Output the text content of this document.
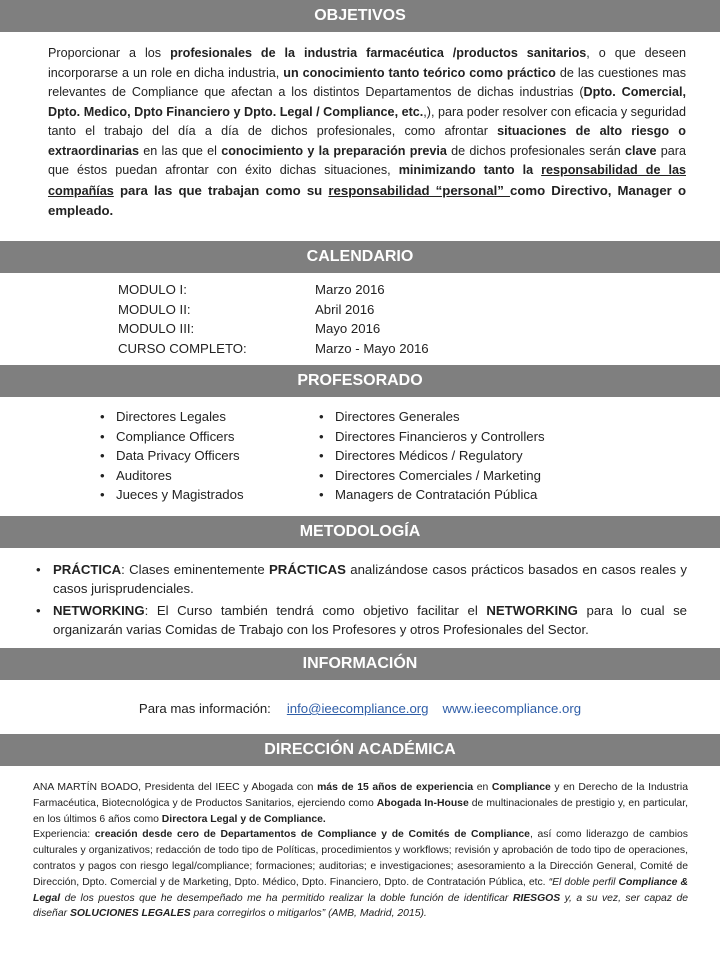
OBJETIVOS
Proporcionar a los profesionales de la industria farmacéutica /productos sanitarios, o que deseen incorporarse a un role en dicha industria, un conocimiento tanto teórico como práctico de las cuestiones mas relevantes de Compliance que afectan a los distintos Departamentos de dichas industrias (Dpto. Comercial, Dpto. Medico, Dpto Financiero y Dpto. Legal / Compliance, etc.,), para poder resolver con eficacia y seguridad tanto el trabajo del día a día de dichos profesionales, como afrontar situaciones de alto riesgo o extraordinarias en las que el conocimiento y la preparación previa de dichos profesionales serán clave para que éstos puedan afrontar con éxito dichas situaciones, minimizando tanto la responsabilidad de las compañías para las que trabajan como su responsabilidad “personal” como Directivo, Manager o empleado.
CALENDARIO
MODULO I:	Marzo 2016
MODULO II:	Abril 2016
MODULO III:	Mayo 2016
CURSO COMPLETO:	Marzo - Mayo 2016
PROFESORADO
• Directores Legales
• Compliance Officers
• Data Privacy Officers
• Auditores
• Jueces y Magistrados
• Directores Generales
• Directores Financieros y Controllers
• Directores Médicos / Regulatory
• Directores Comerciales / Marketing
• Managers de Contratación Pública
METODOLOGÍA
• PRÁCTICA: Clases eminentemente PRÁCTICAS analizándose casos prácticos basados en casos reales y casos jurisprudenciales.
• NETWORKING: El Curso también tendrá como objetivo facilitar el NETWORKING para lo cual se organizarán varias Comidas de Trabajo con los Profesores y otros Profesionales del Sector.
INFORMACIÓN
Para mas información: info@ieecompliance.org www.ieecompliance.org
DIRECCIÓN ACADÉMICA

ANA MARTÍN BOADO, Presidenta del IEEC y Abogada con más de 15 años de experiencia en Compliance y en Derecho de la Industria Farmacéutica, Biotecnológica y de Productos Sanitarios, ejerciendo como Abogada In-House de multinacionales de prestigio y, en particular, en los últimos 6 años como Directora Legal y de Compliance.

Experiencia: creación desde cero de Departamentos de Compliance y de Comités de Compliance, así como liderazgo de cambios culturales y organizativos; redacción de todo tipo de Políticas, procedimientos y workflows; revisión y aprobación de todo tipo de operaciones, contratos y pagos con riesgo legal/compliance; formaciones; auditorias; e investigaciones; asesoramiento a la Dirección General, Comité de Dirección, Dpto. Comercial y de Marketing, Dpto. Médico, Dpto. Financiero, Dpto. de Contratación Pública, etc. “El doble perfil Compliance & Legal de los puestos que he desempeñado me ha permitido realizar la doble función de identificar RIESGOS y, a su vez, ser capaz de diseñar SOLUCIONES LEGALES para corregirlos o mitigarlos” (AMB, Madrid, 2015).
